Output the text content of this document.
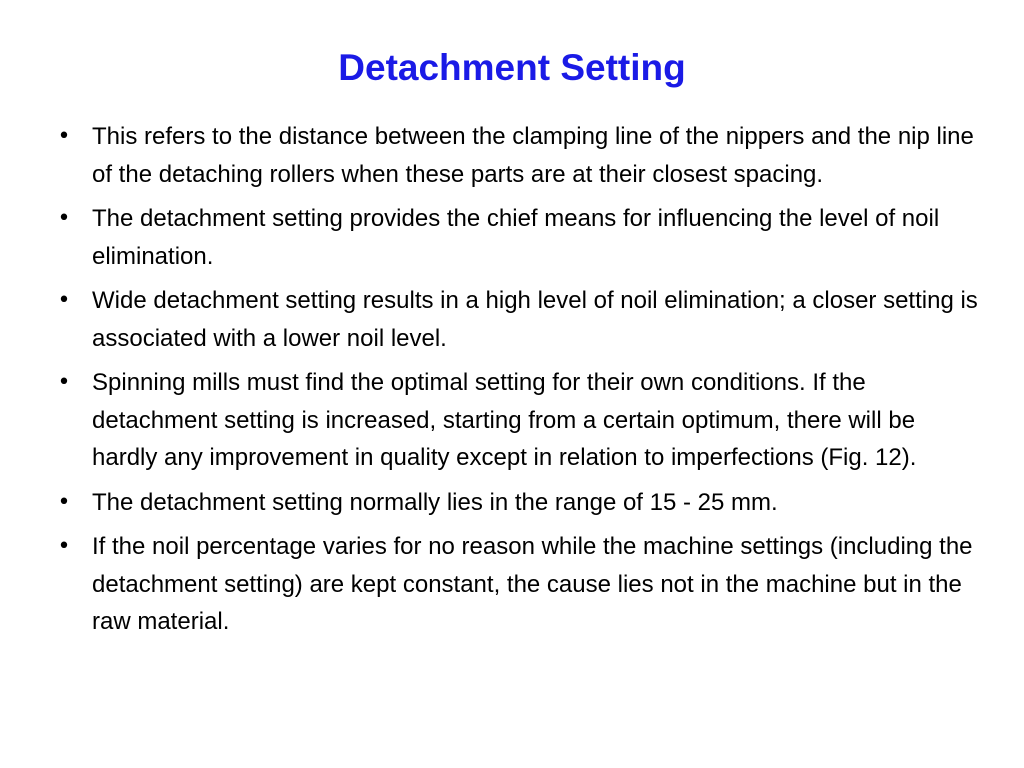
Detachment Setting
• This refers to the distance between the clamping line of the nippers and the nip line of the detaching rollers when these parts are at their closest spacing.
• The detachment setting provides the chief means for influencing the level of noil elimination.
• Wide detachment setting results in a high level of noil elimination; a closer setting is associated with a lower noil level.
• Spinning mills must find the optimal setting for their own conditions. If the detachment setting is increased, starting from a certain optimum, there will be hardly any improvement in quality except in relation to imperfections (Fig. 12).
• The detachment setting normally lies in the range of 15 - 25 mm.
• If the noil percentage varies for no reason while the machine settings (including the detachment setting) are kept constant, the cause lies not in the machine but in the raw material.
